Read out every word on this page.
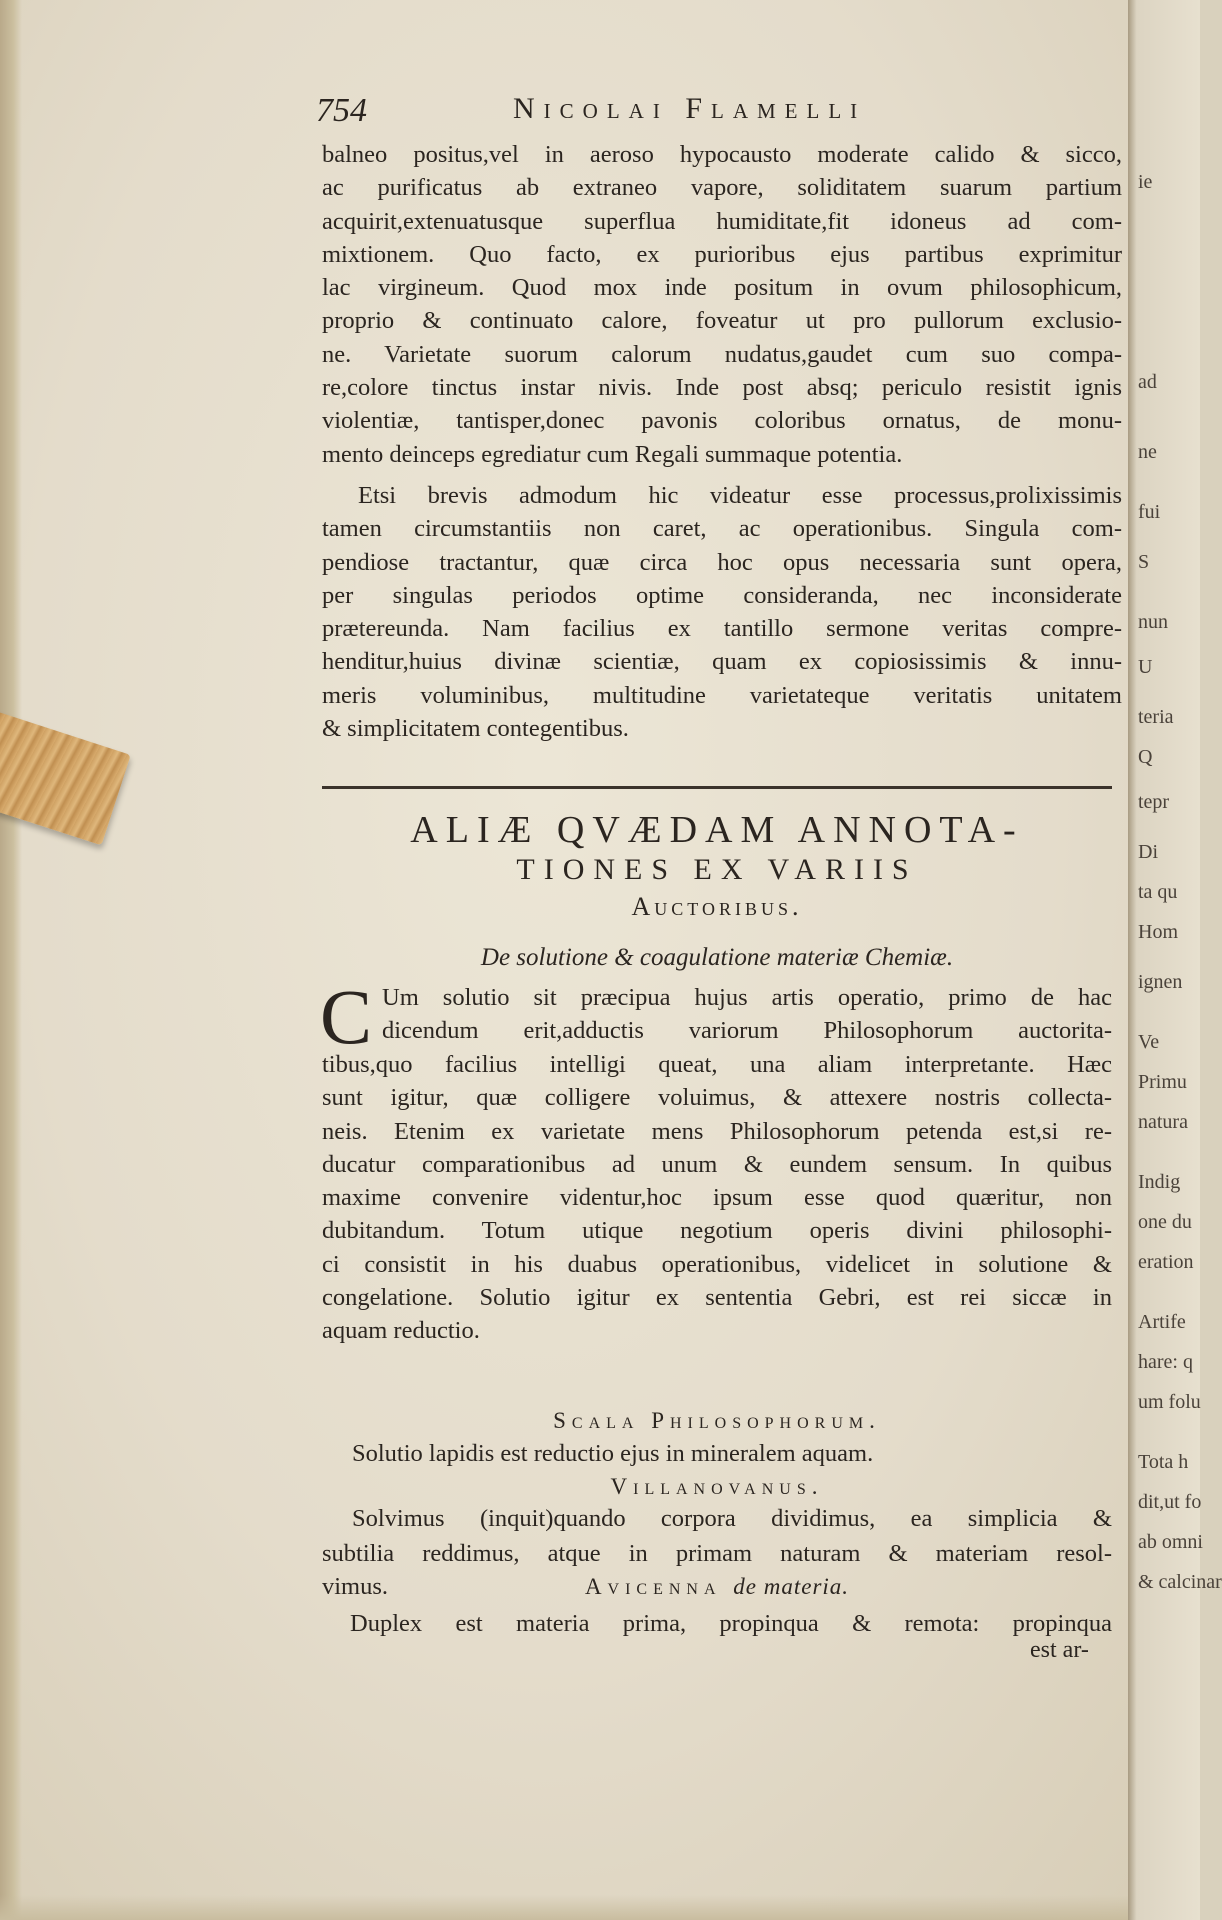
ie
ad
ne
fui
S
nun
U
teria
Q
tepr
Di
ta qu
Hom
ignen
Ve
Primu
natura
Indig
one du
eration
Artife
hare: q
um folu
Tota h
dit,ut fo
ab omni
& calcinar
754	Nicolai Flamelli
balneo positus,vel in aeroso hypocausto moderate calido & sicco,
ac purificatus ab extraneo vapore, soliditatem suarum partium
acquirit,extenuatusque superflua humiditate,fit idoneus ad com-
mixtionem. Quo facto, ex purioribus ejus partibus exprimitur
lac virgineum. Quod mox inde positum in ovum philosophicum,
proprio & continuato calore, foveatur ut pro pullorum exclusio-
ne. Varietate suorum calorum nudatus,gaudet cum suo compa-
re,colore tinctus instar nivis. Inde post absq; periculo resistit ignis
violentiæ, tantisper,donec pavonis coloribus ornatus, de monu-
mento deinceps egrediatur cum Regali summaque potentia.
Etsi brevis admodum hic videatur esse processus,prolixissimis
tamen circumstantiis non caret, ac operationibus. Singula com-
pendiose tractantur, quæ circa hoc opus necessaria sunt opera,
per singulas periodos optime consideranda, nec inconsiderate
prætereunda. Nam facilius ex tantillo sermone veritas compre-
henditur,huius divinæ scientiæ, quam ex copiosissimis & innu-
meris voluminibus, multitudine varietateque veritatis unitatem
& simplicitatem contegentibus.
ALIÆ QVÆDAM ANNOTA-
TIONES EX VARIIS
Auctoribus.
De solutione & coagulatione materiæ Chemiæ.
C Um solutio sit præcipua hujus artis operatio, primo de hac
dicendum erit,adductis variorum Philosophorum auctorita-
tibus,quo facilius intelligi queat, una aliam interpretante. Hæc
sunt igitur, quæ colligere voluimus, & attexere nostris collecta-
neis. Etenim ex varietate mens Philosophorum petenda est,si re-
ducatur comparationibus ad unum & eundem sensum. In quibus
maxime convenire videntur,hoc ipsum esse quod quæritur, non
dubitandum. Totum utique negotium operis divini philosophi-
ci consistit in his duabus operationibus, videlicet in solutione &
congelatione. Solutio igitur ex sententia Gebri, est rei siccæ in
aquam reductio.
Scala Philosophorum.
Solutio lapidis est reductio ejus in mineralem aquam.
Villanovanus.
Solvimus (inquit)quando corpora dividimus, ea simplicia &
subtilia reddimus, atque in primam naturam & materiam resol-
vimus.	Avicenna de materia.
Duplex est materia prima, propinqua & remota: propinqua
est ar-
